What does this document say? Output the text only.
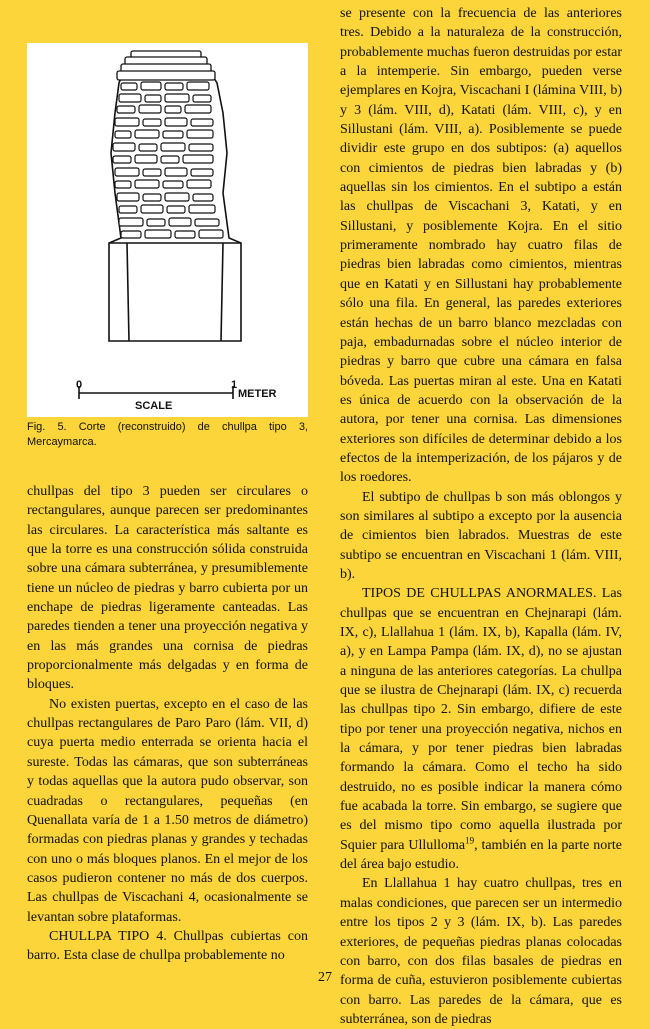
0	1
METER
SCALE
Fig. 5. Corte (reconstruido) de chullpa tipo 3, Mercaymarca.

chullpas del tipo 3 pueden ser circulares o rectangulares, aunque parecen ser predominantes las circulares. La característica más saltante es que la torre es una construcción sólida construida sobre una cámara subterránea, y presumiblemente tiene un núcleo de piedras y barro cubierta por un enchape de piedras ligeramente canteadas. Las paredes tienden a tener una proyección negativa y en las más grandes una cornisa de piedras proporcionalmente más delgadas y en forma de bloques.

No existen puertas, excepto en el caso de las chullpas rectangulares de Paro Paro (lám. VII, d) cuya puerta medio enterrada se orienta hacia el sureste. Todas las cámaras, que son subterráneas y todas aquellas que la autora pudo observar, son cuadradas o rectangulares, pequeñas (en Quenallata varía de 1 a 1.50 metros de diámetro) formadas con piedras planas y grandes y techadas con uno o más bloques planos. En el mejor de los casos pudieron contener no más de dos cuerpos. Las chullpas de Viscachani 4, ocasionalmente se levantan sobre plataformas.

CHULLPA TIPO 4. Chullpas cubiertas con barro. Esta clase de chullpa probablemente no

se presente con la frecuencia de las anteriores tres. Debido a la naturaleza de la construcción, probablemente muchas fueron destruidas por estar a la intemperie. Sin embargo, pueden verse ejemplares en Kojra, Viscachani I (lámina VIII, b) y 3 (lám. VIII, d), Katati (lám. VIII, c), y en Sillustani (lám. VIII, a). Posiblemente se puede dividir este grupo en dos subtipos: (a) aquellos con cimientos de piedras bien labradas y (b) aquellas sin los cimientos. En el subtipo a están las chullpas de Viscachani 3, Katati, y en Sillustani, y posiblemente Kojra. En el sitio primeramente nombrado hay cuatro filas de piedras bien labradas como cimientos, mientras que en Katati y en Sillustani hay probablemente sólo una fila. En general, las paredes exteriores están hechas de un barro blanco mezcladas con paja, embadurnadas sobre el núcleo interior de piedras y barro que cubre una cámara en falsa bóveda. Las puertas miran al este. Una en Katati es única de acuerdo con la observación de la autora, por tener una cornisa. Las dimensiones exteriores son difíciles de determinar debido a los efectos de la intemperización, de los pájaros y de los roedores.

El subtipo de chullpas b son más oblongos y son similares al subtipo a excepto por la ausencia de cimientos bien labrados. Muestras de este subtipo se encuentran en Viscachani 1 (lám. VIII, b).

TIPOS DE CHULLPAS ANORMALES. Las chullpas que se encuentran en Chejnarapi (lám. IX, c), Llallahua 1 (lám. IX, b), Kapalla (lám. IV, a), y en Lampa Pampa (lám. IX, d), no se ajustan a ninguna de las anteriores categorías. La chullpa que se ilustra de Chejnarapi (lám. IX, c) recuerda las chullpas tipo 2. Sin embargo, difiere de este tipo por tener una proyección negativa, nichos en la cámara, y por tener piedras bien labradas formando la cámara. Como el techo ha sido destruido, no es posible indicar la manera cómo fue acabada la torre. Sin embargo, se sugiere que es del mismo tipo como aquella ilustrada por Squier para Ullulloma$^{19}$, también en la parte norte del área bajo estudio.

En Llallahua 1 hay cuatro chullpas, tres en malas condiciones, que parecen ser un intermedio entre los tipos 2 y 3 (lám. IX, b). Las paredes exteriores, de pequeñas piedras planas colocadas con barro, con dos filas basales de piedras en forma de cuña, estuvieron posiblemente cubiertas con barro. Las paredes de la cámara, que es subterránea, son de piedras

27
